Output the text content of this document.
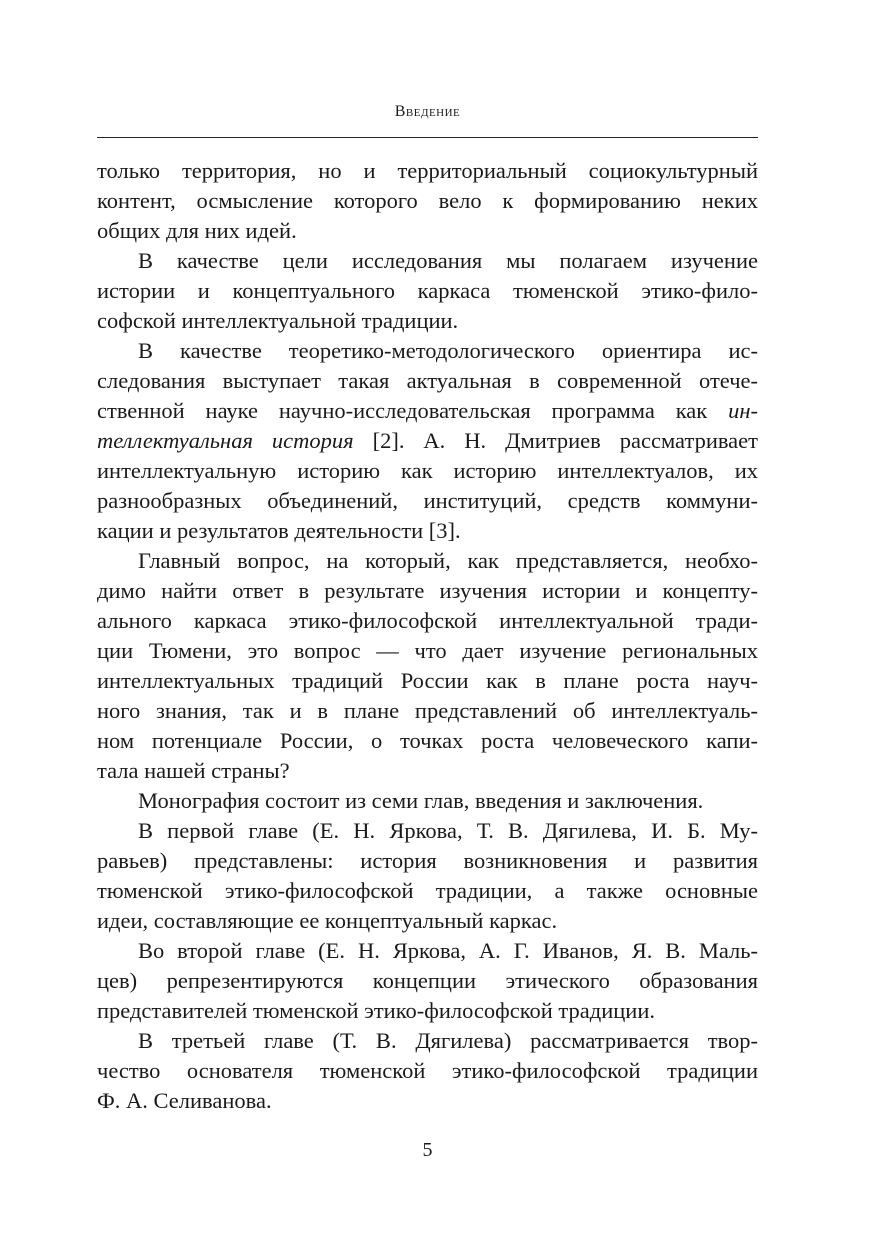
Введение
только территория, но и территориальный социокультурный
контент, осмысление которого вело к формированию неких
общих для них идей.
В качестве цели исследования мы полагаем изучение
истории и концептуального каркаса тюменской этико-фило-
софской интеллектуальной традиции.
В качестве теоретико-методологического ориентира ис-
следования выступает такая актуальная в современной отече-
ственной науке научно-исследовательская программа как ин-
теллектуальная история [2]. А. Н. Дмитриев рассматривает
интеллектуальную историю как историю интеллектуалов, их
разнообразных объединений, институций, средств коммуни-
кации и результатов деятельности [3].
Главный вопрос, на который, как представляется, необхо-
димо найти ответ в результате изучения истории и концепту-
ального каркаса этико-философской интеллектуальной тради-
ции Тюмени, это вопрос — что дает изучение региональных
интеллектуальных традиций России как в плане роста науч-
ного знания, так и в плане представлений об интеллектуаль-
ном потенциале России, о точках роста человеческого капи-
тала нашей страны?
Монография состоит из семи глав, введения и заключения.
В первой главе (Е. Н. Яркова, Т. В. Дягилева, И. Б. Му-
равьев) представлены: история возникновения и развития
тюменской этико-философской традиции, а также основные
идеи, составляющие ее концептуальный каркас.
Во второй главе (Е. Н. Яркова, А. Г. Иванов, Я. В. Маль-
цев) репрезентируются концепции этического образования
представителей тюменской этико-философской традиции.
В третьей главе (Т. В. Дягилева) рассматривается твор-
чество основателя тюменской этико-философской традиции
Ф. А. Селиванова.
5
